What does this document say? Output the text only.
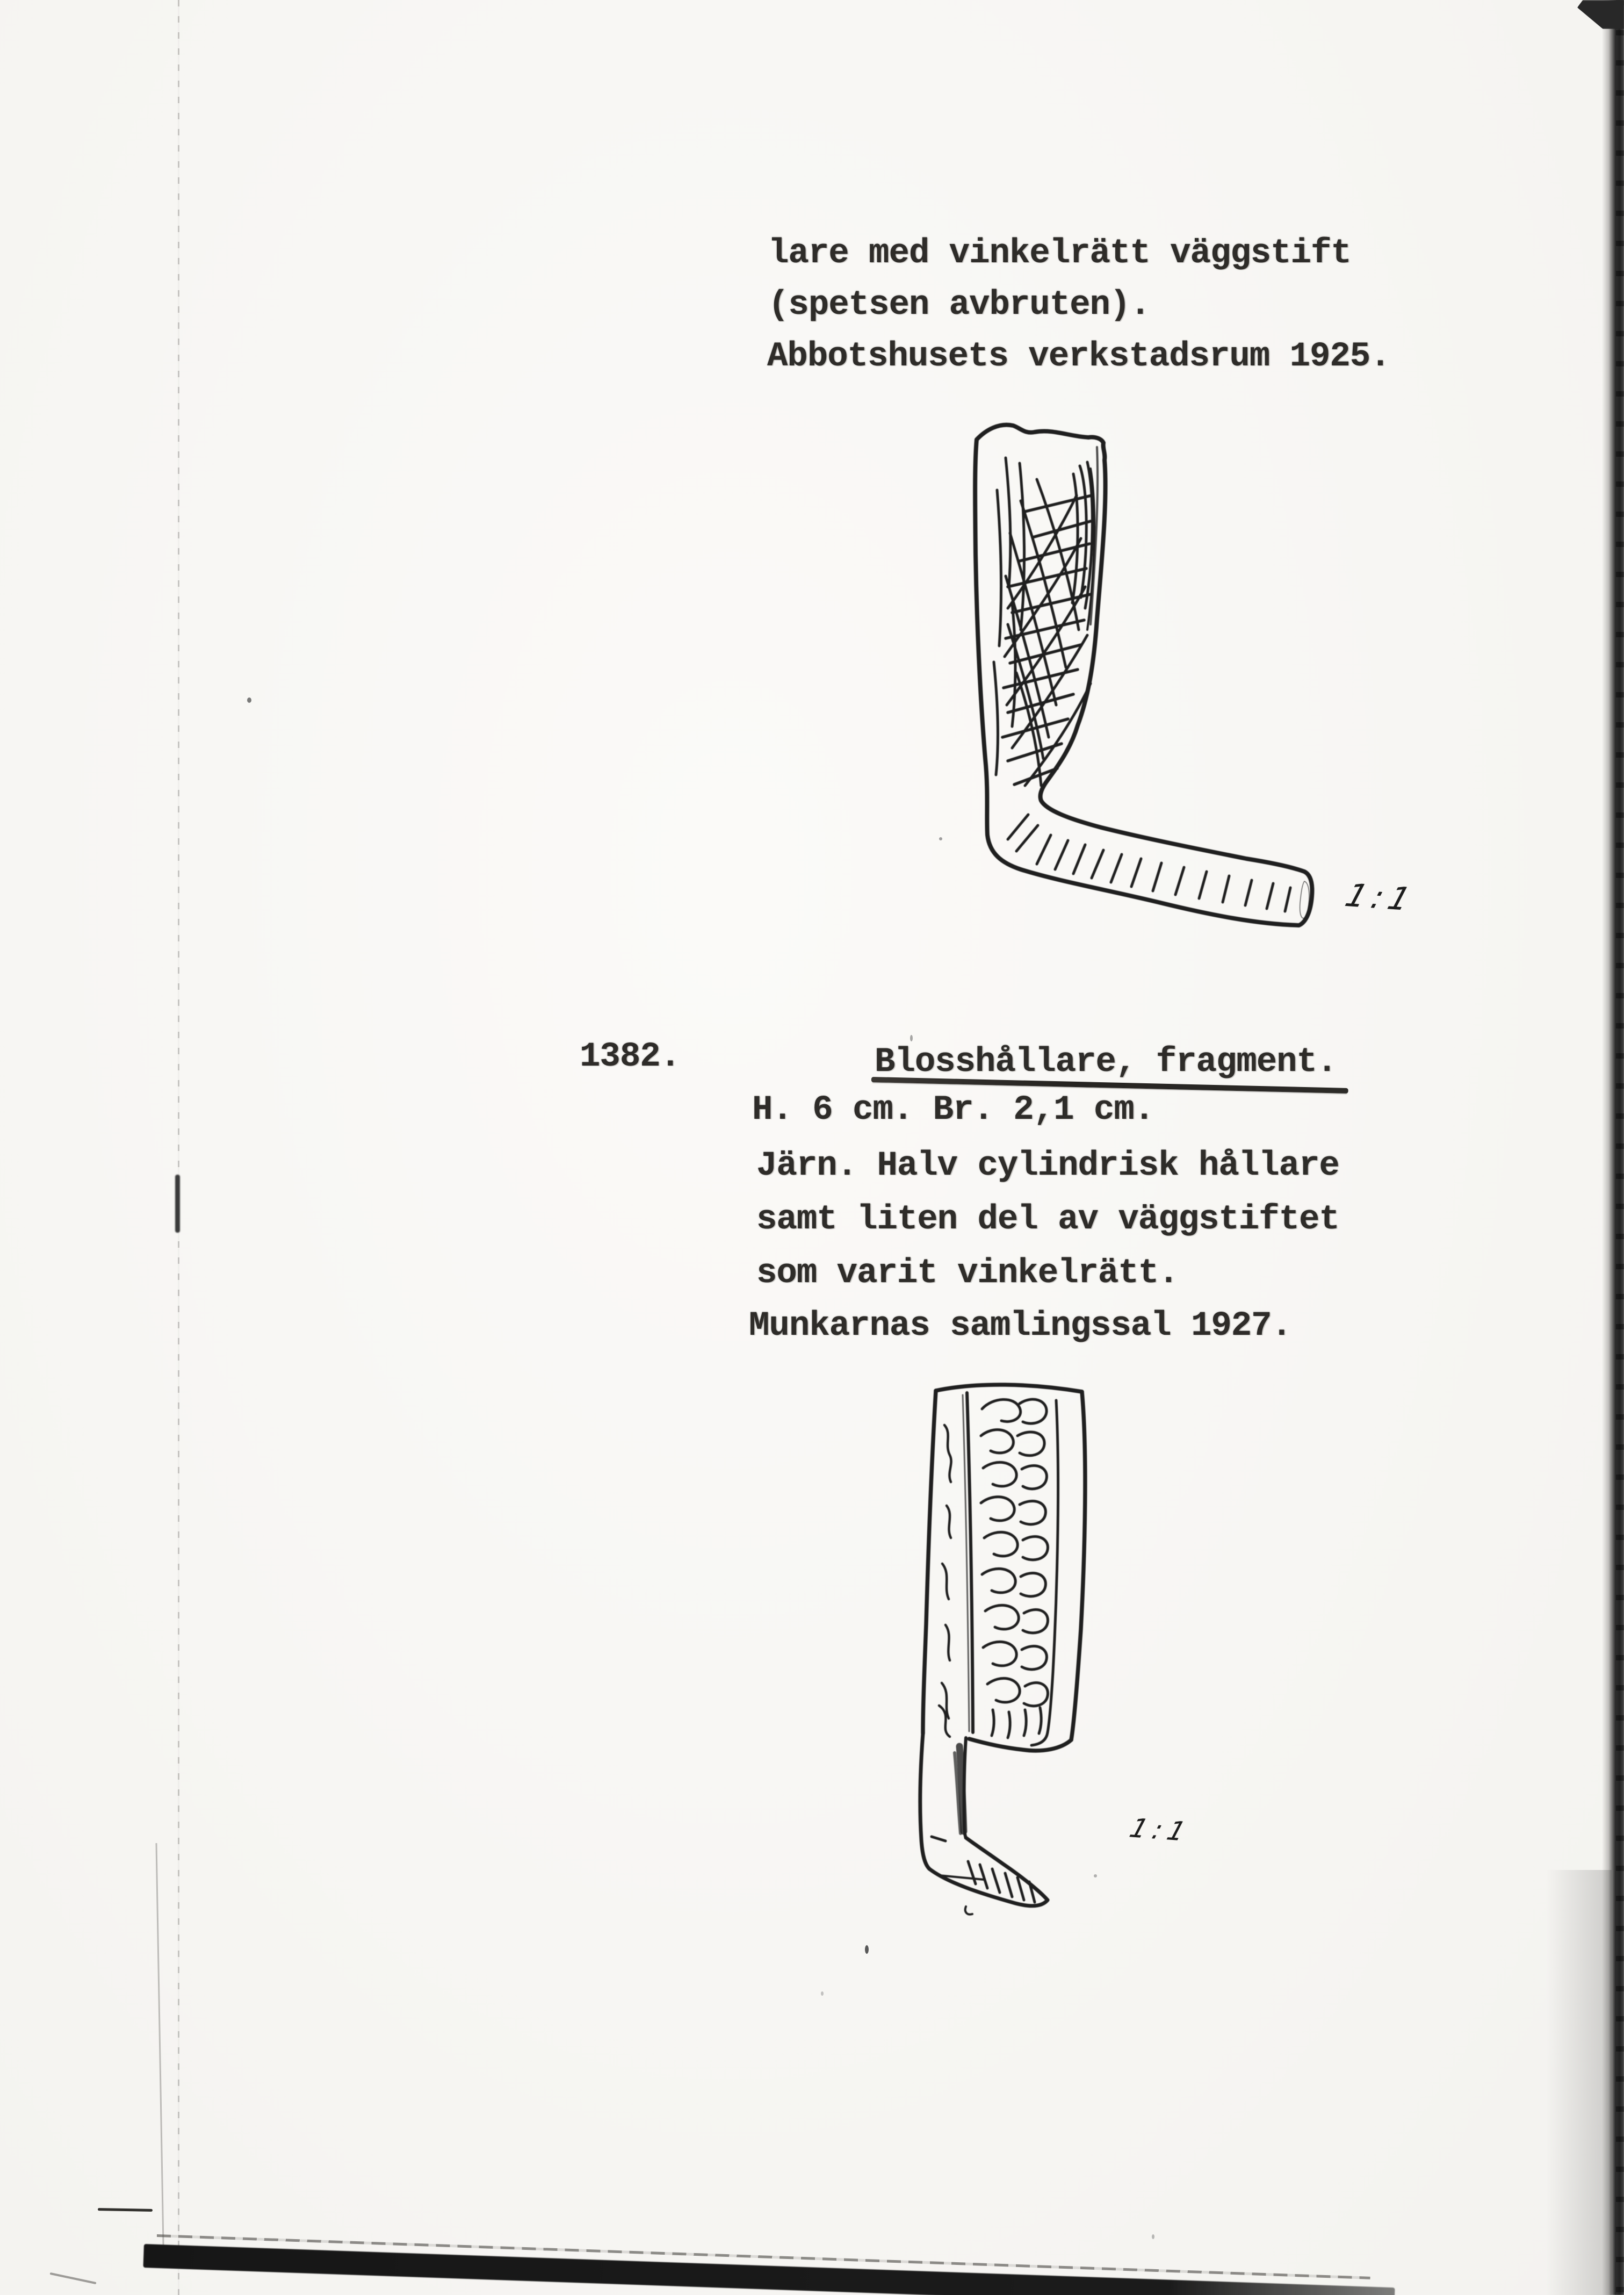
lare med vinkelrätt väggstift
(spetsen avbruten).
Abbotshusets verkstadsrum 1925.
1:1
1382.	Blosshållare, fragment.
H. 6 cm. Br. 2,1 cm.
Järn. Halv cylindrisk hållare
samt liten del av väggstiftet
som varit vinkelrätt.
Munkarnas samlingssal 1927.
1:1
